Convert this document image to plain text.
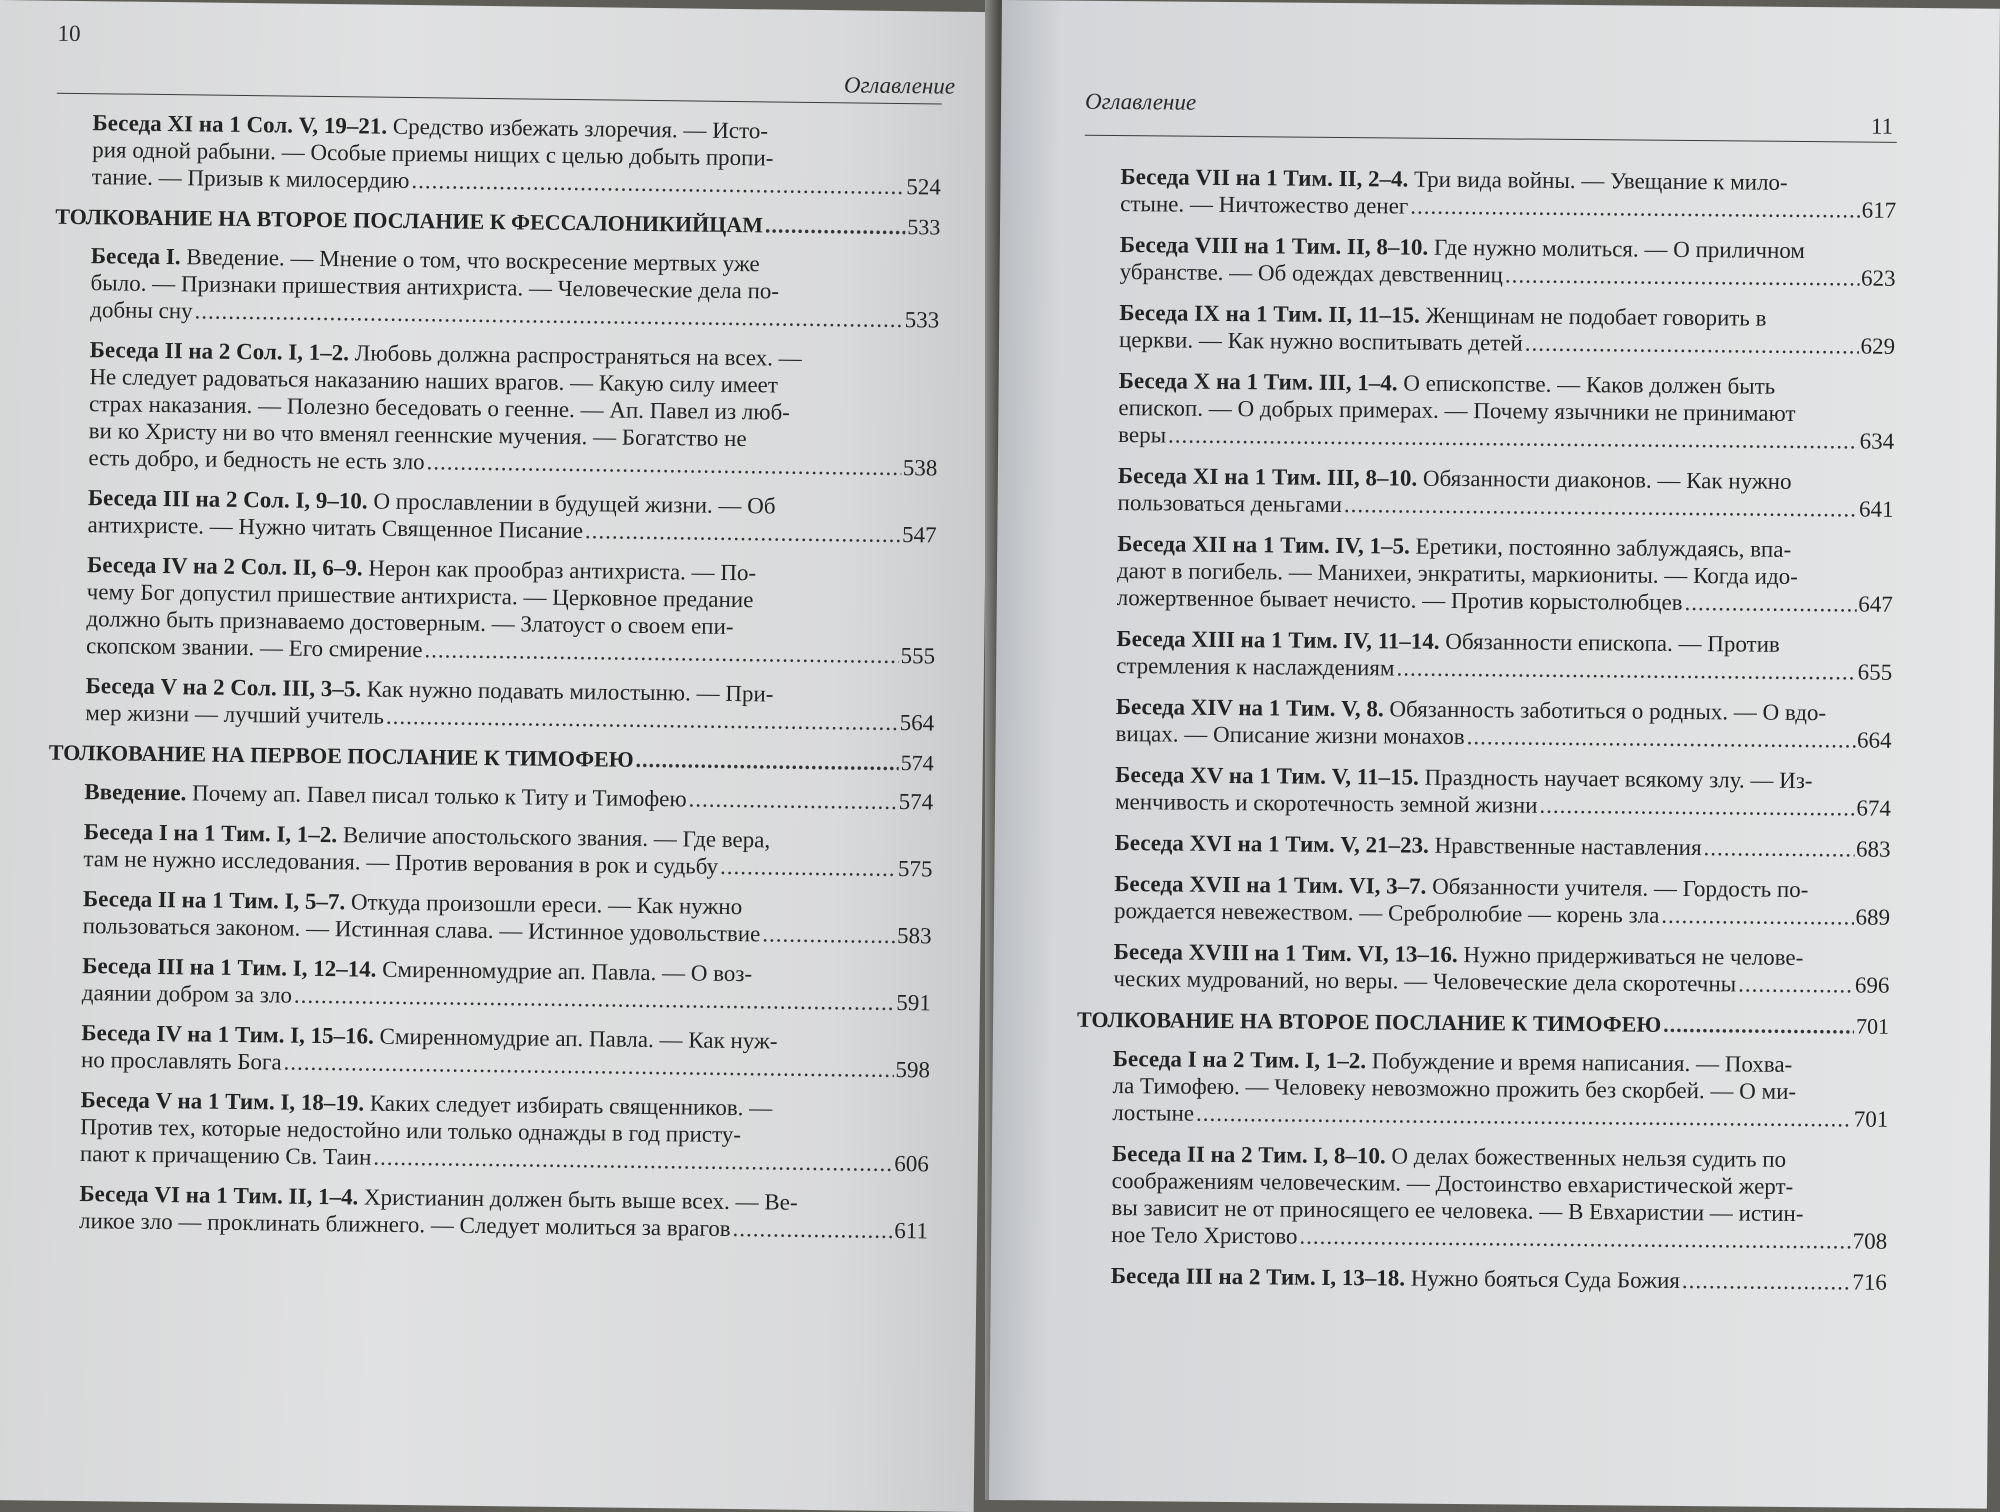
10
Оглавление
Беседа XI на 1 Сол. V, 19–21. Средство избежать злоречия. — Исто-
рия одной рабыни. — Особые приемы нищих с целью добыть пропи-
тание. — Призыв к милосердию .....	524
ТОЛКОВАНИЕ НА ВТОРОЕ ПОСЛАНИЕ К ФЕССАЛОНИКИЙЦАМ .....	533
Беседа I. Введение. — Мнение о том, что воскресение мертвых уже
было. — Признаки пришествия антихриста. — Человеческие дела по-
добны сну .....	533
Беседа II на 2 Сол. I, 1–2. Любовь должна распространяться на всех. —
Не следует радоваться наказанию наших врагов. — Какую силу имеет
страх наказания. — Полезно беседовать о геенне. — Ап. Павел из люб-
ви ко Христу ни во что вменял гееннские мучения. — Богатство не
есть добро, и бедность не есть зло .....	538
Беседа III на 2 Сол. I, 9–10. О прославлении в будущей жизни. — Об
антихристе. — Нужно читать Священное Писание .....	547
Беседа IV на 2 Сол. II, 6–9. Нерон как прообраз антихриста. — По-
чему Бог допустил пришествие антихриста. — Церковное предание
должно быть признаваемо достоверным. — Златоуст о своем епи-
скопском звании. — Его смирение .....	555
Беседа V на 2 Сол. III, 3–5. Как нужно подавать милостыню. — При-
мер жизни — лучший учитель .....	564
ТОЛКОВАНИЕ НА ПЕРВОЕ ПОСЛАНИЕ К ТИМОФЕЮ .....	574
Введение. Почему ап. Павел писал только к Титу и Тимофею .....	574
Беседа I на 1 Тим. I, 1–2. Величие апостольского звания. — Где вера,
там не нужно исследования. — Против верования в рок и судьбу .....	575
Беседа II на 1 Тим. I, 5–7. Откуда произошли ереси. — Как нужно
пользоваться законом. — Истинная слава. — Истинное удовольствие .....	583
Беседа III на 1 Тим. I, 12–14. Смиренномудрие ап. Павла. — О воз-
даянии добром за зло .....	591
Беседа IV на 1 Тим. I, 15–16. Смиренномудрие ап. Павла. — Как нуж-
но прославлять Бога .....	598
Беседа V на 1 Тим. I, 18–19. Каких следует избирать священников. —
Против тех, которые недостойно или только однажды в год присту-
пают к причащению Св. Таин .....	606
Беседа VI на 1 Тим. II, 1–4. Христианин должен быть выше всех. — Ве-
ликое зло — проклинать ближнего. — Следует молиться за врагов .....	611
Оглавление
11
Беседа VII на 1 Тим. II, 2–4. Три вида войны. — Увещание к мило-
стыне. — Ничтожество денег .....	617
Беседа VIII на 1 Тим. II, 8–10. Где нужно молиться. — О приличном
убранстве. — Об одеждах девственниц .....	623
Беседа IX на 1 Тим. II, 11–15. Женщинам не подобает говорить в
церкви. — Как нужно воспитывать детей .....	629
Беседа X на 1 Тим. III, 1–4. О епископстве. — Каков должен быть
епископ. — О добрых примерах. — Почему язычники не принимают
веры .....	634
Беседа XI на 1 Тим. III, 8–10. Обязанности диаконов. — Как нужно
пользоваться деньгами .....	641
Беседа XII на 1 Тим. IV, 1–5. Еретики, постоянно заблуждаясь, впа-
дают в погибель. — Манихеи, энкратиты, маркиониты. — Когда идо-
ложертвенное бывает нечисто. — Против корыстолюбцев .....	647
Беседа XIII на 1 Тим. IV, 11–14. Обязанности епископа. — Против
стремления к наслаждениям .....	655
Беседа XIV на 1 Тим. V, 8. Обязанность заботиться о родных. — О вдо-
вицах. — Описание жизни монахов .....	664
Беседа XV на 1 Тим. V, 11–15. Праздность научает всякому злу. — Из-
менчивость и скоротечность земной жизни .....	674
Беседа XVI на 1 Тим. V, 21–23. Нравственные наставления .....	683
Беседа XVII на 1 Тим. VI, 3–7. Обязанности учителя. — Гордость по-
рождается невежеством. — Сребролюбие — корень зла .....	689
Беседа XVIII на 1 Тим. VI, 13–16. Нужно придерживаться не челове-
ческих мудрований, но веры. — Человеческие дела скоротечны .....	696
ТОЛКОВАНИЕ НА ВТОРОЕ ПОСЛАНИЕ К ТИМОФЕЮ .....	701
Беседа I на 2 Тим. I, 1–2. Побуждение и время написания. — Похва-
ла Тимофею. — Человеку невозможно прожить без скорбей. — О ми-
лостыне .....	701
Беседа II на 2 Тим. I, 8–10. О делах божественных нельзя судить по
соображениям человеческим. — Достоинство евхаристической жерт-
вы зависит не от приносящего ее человека. — В Евхаристии — истин-
ное Тело Христово .....	708
Беседа III на 2 Тим. I, 13–18. Нужно бояться Суда Божия .....	716
